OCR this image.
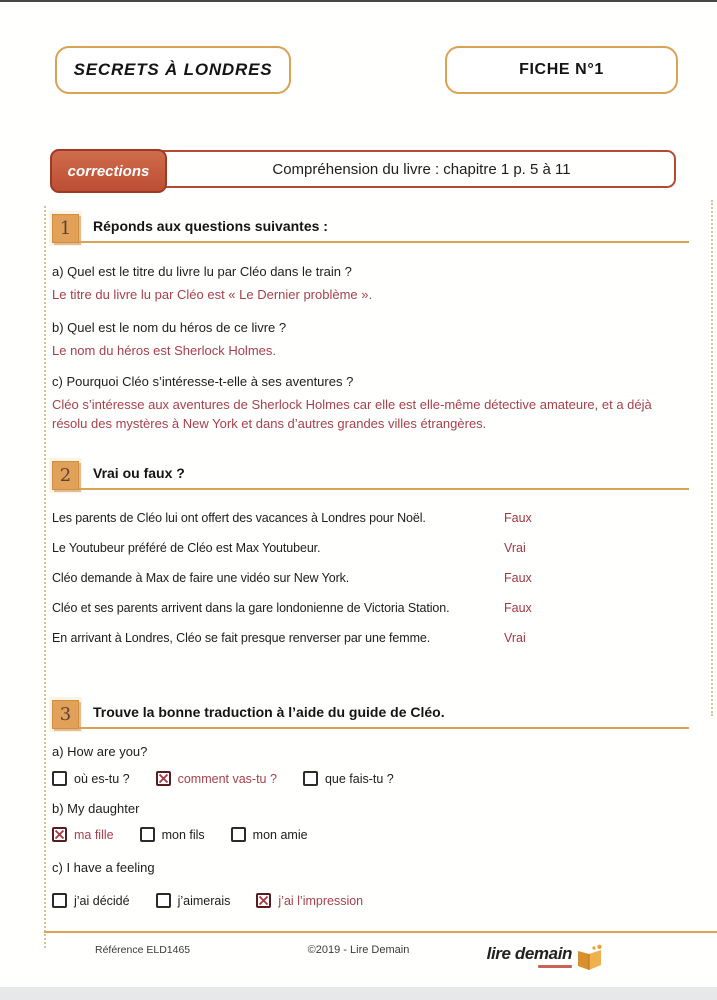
SECRETS À LONDRES	FICHE N°1
corrections	Compréhension du livre : chapitre 1 p. 5 à 11
1	Réponds aux questions suivantes :
a) Quel est le titre du livre lu par Cléo dans le train ?
Le titre du livre lu par Cléo est « Le Dernier problème ».
b) Quel est le nom du héros de ce livre ?
Le nom du héros est Sherlock Holmes.
c) Pourquoi Cléo s’intéresse-t-elle à ses aventures ?
Cléo s’intéresse aux aventures de Sherlock Holmes car elle est elle-même détective amateure, et a déjà résolu des mystères à New York et dans d’autres grandes villes étrangères.
2	Vrai ou faux ?
Les parents de Cléo lui ont offert des vacances à Londres pour Noël.	Faux
Le Youtubeur préféré de Cléo est Max Youtubeur.	Vrai
Cléo demande à Max de faire une vidéo sur New York.	Faux
Cléo et ses parents arrivent dans la gare londonienne de Victoria Station.	Faux
En arrivant à Londres, Cléo se fait presque renverser par une femme.	Vrai
3	Trouve la bonne traduction à l’aide du guide de Cléo.
a) How are you?
où es-tu ?	comment vas-tu ?	que fais-tu ?
b) My daughter
ma fille	mon fils	mon amie
c) I have a feeling
j’ai décidé	j’aimerais	j’ai l’impression
Référence ELD1465	©2019 - Lire Demain	lire demain
